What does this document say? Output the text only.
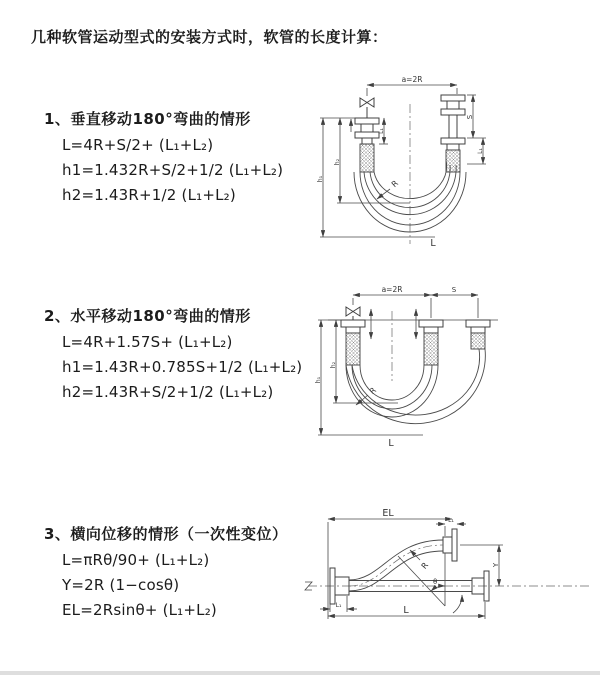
几种软管运动型式的安装方式时，软管的长度计算：
1、垂直移动180°弯曲的情形
L=4R+S/2+ (L₁+L₂)
h1=1.432R+S/2+1/2 (L₁+L₂)
h2=1.43R+1/2 (L₁+L₂)
2、水平移动180°弯曲的情形
L=4R+1.57S+ (L₁+L₂)
h1=1.43R+0.785S+1/2 (L₁+L₂)
h2=1.43R+S/2+1/2 (L₁+L₂)
3、横向位移的情形（一次性变位）
L=πRθ/90+ (L₁+L₂)
Y=2R (1−cosθ)
EL=2Rsinθ+ (L₁+L₂)
a=2R
L₁
S
L₁
h₁
h₂
R
L
a=2R	S
h₁
h₂
R
L
EL
L₁
Y
θ
R
L₁	L
